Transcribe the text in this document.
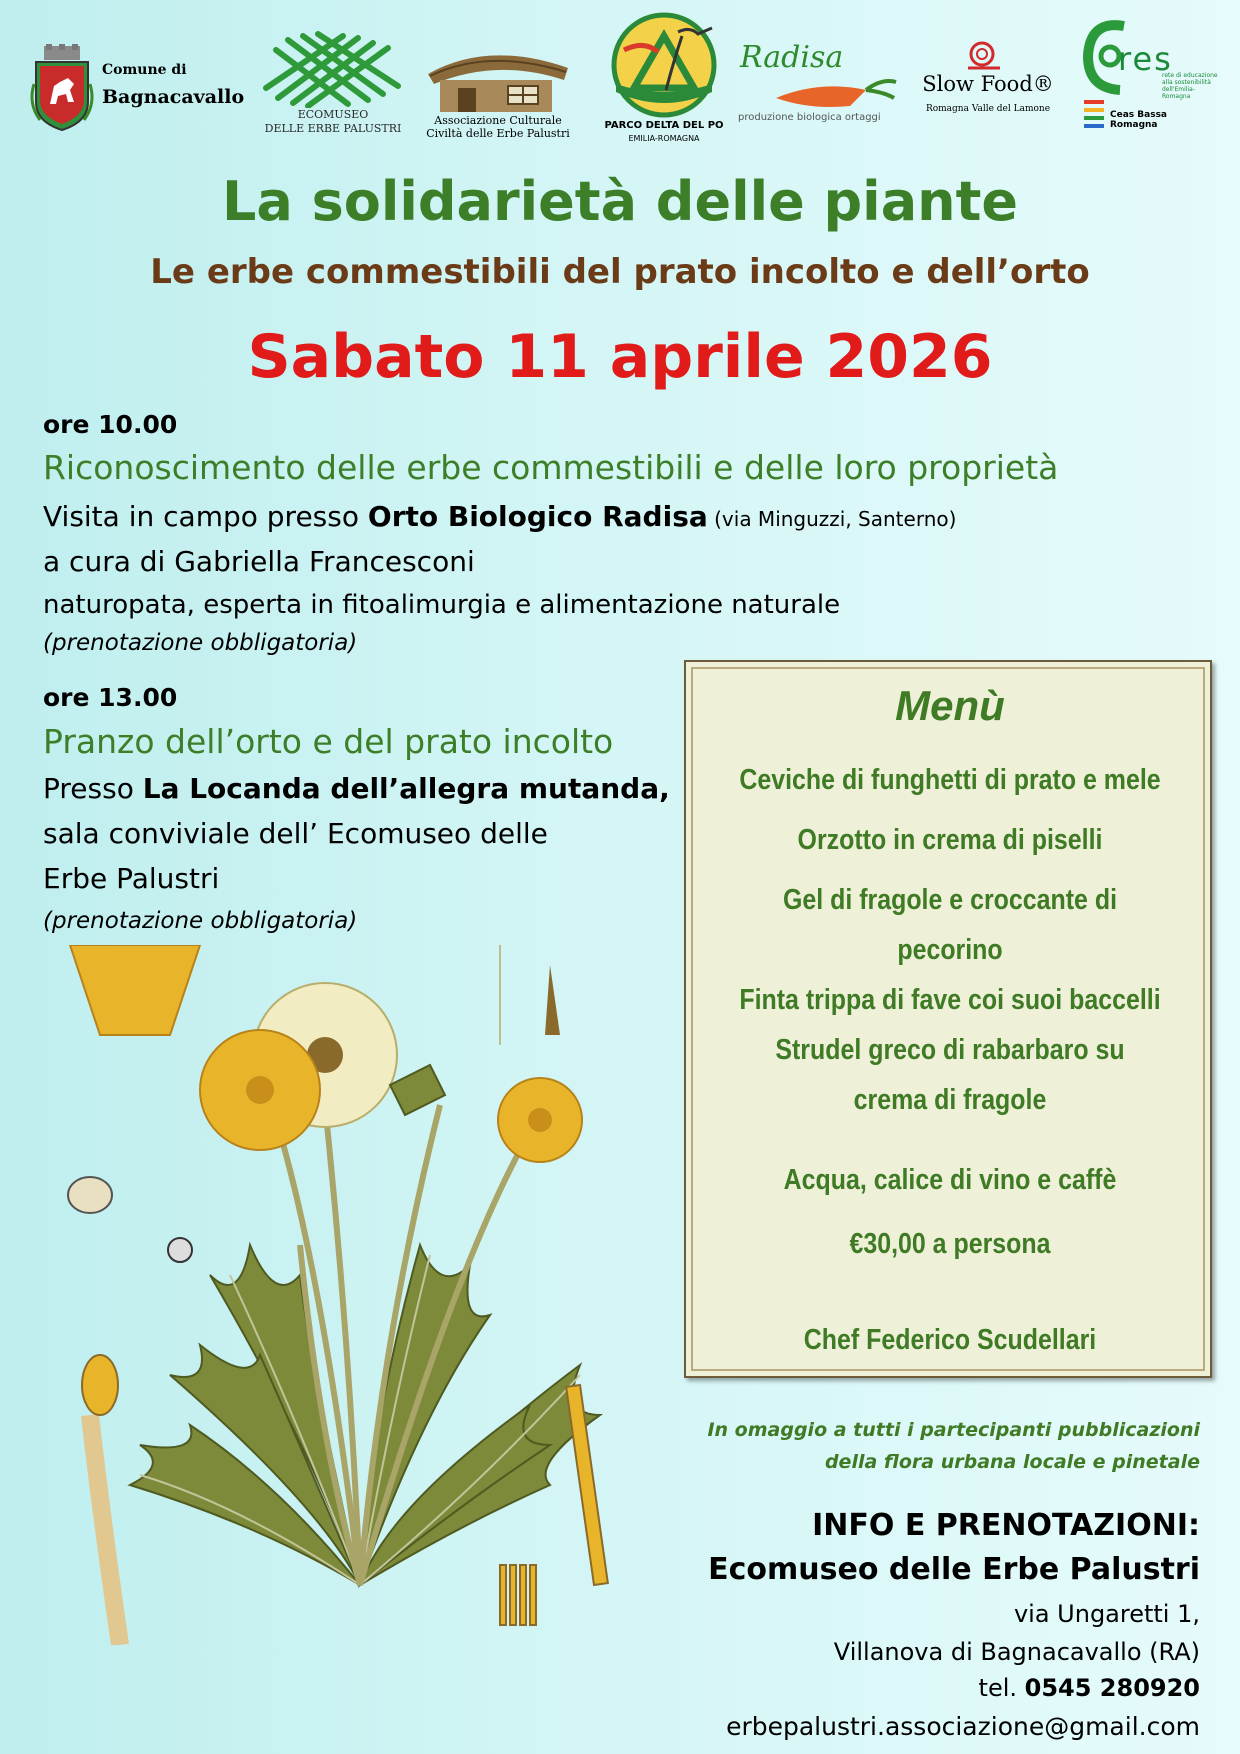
Comune di
Bagnacavallo
ECOMUSEO
DELLE ERBE PALUSTRI
Associazione Culturale
Civiltà delle Erbe Palustri
PARCO DELTA DEL PO
EMILIA-ROMAGNA
Radisa
produzione biologica ortaggi
Slow Food®
Romagna Valle del Lamone
res
rete di educazione alla sostenibilità dell'Emilia-Romagna
Ceas Bassa Romagna
La solidarietà delle piante
Le erbe commestibili del prato incolto e dell’orto
Sabato 11 aprile 2026
ore 10.00
Riconoscimento delle erbe commestibili e delle loro proprietà
Visita in campo presso Orto Biologico Radisa (via Minguzzi, Santerno)
a cura di Gabriella Francesconi
naturopata, esperta in fitoalimurgia e alimentazione naturale
(prenotazione obbligatoria)
ore 13.00
Pranzo dell’orto e del prato incolto
Presso La Locanda dell’allegra mutanda,
sala conviviale dell’ Ecomuseo delle
Erbe Palustri
(prenotazione obbligatoria)
Menù
Ceviche di funghetti di prato e mele
Orzotto in crema di piselli
Gel di fragole e croccante di
pecorino
Finta trippa di fave coi suoi baccelli
Strudel greco di rabarbaro su
crema di fragole
Acqua, calice di vino e caffè
€30,00 a persona
Chef Federico Scudellari
In omaggio a tutti i partecipanti pubblicazioni
della flora urbana locale e pinetale
INFO E PRENOTAZIONI:
Ecomuseo delle Erbe Palustri
via Ungaretti 1,
Villanova di Bagnacavallo (RA)
tel. 0545 280920
erbepalustri.associazione@gmail.com
